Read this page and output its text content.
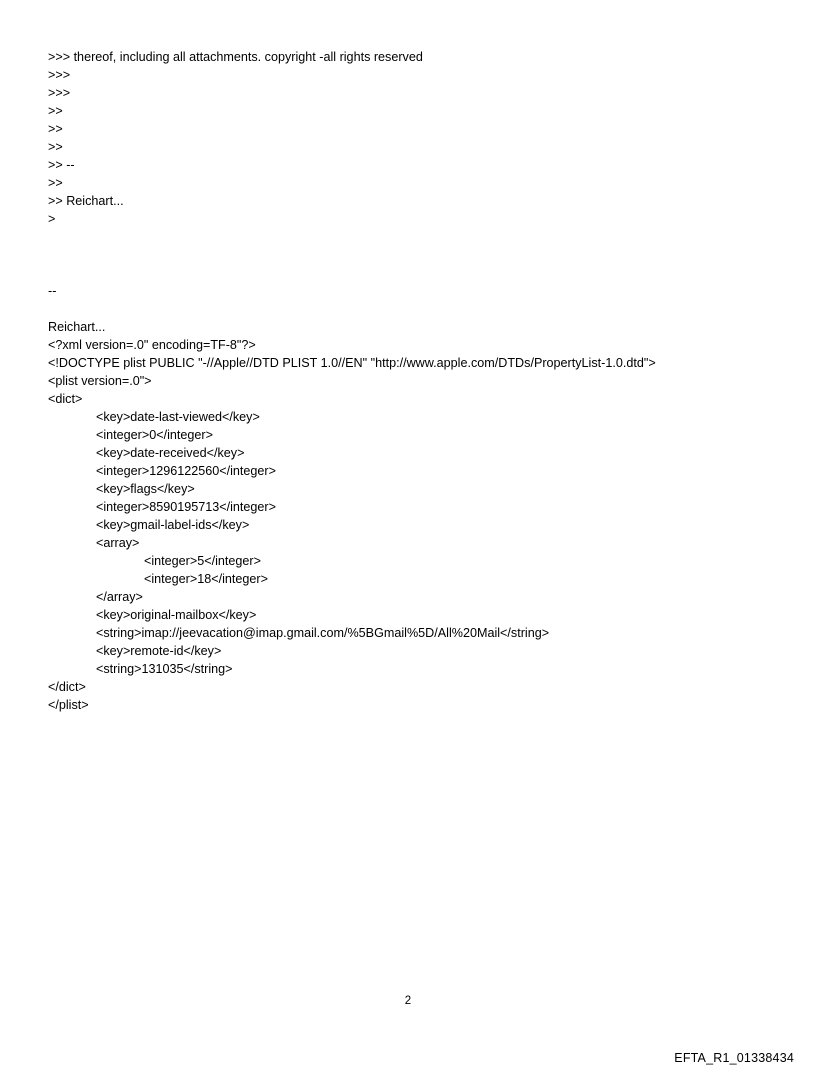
>>> thereof, including all attachments. copyright -all rights reserved
>>>
>>>
>>
>>
>>
>> --
>>
>> Reichart...
>
--
Reichart...
<?xml version=.0" encoding=TF-8"?>
<!DOCTYPE plist PUBLIC "-//Apple//DTD PLIST 1.0//EN" "http://www.apple.com/DTDs/PropertyList-1.0.dtd">
<plist version=.0">
<dict>
<key>date-last-viewed</key>
<integer>0</integer>
<key>date-received</key>
<integer>1296122560</integer>
<key>flags</key>
<integer>8590195713</integer>
<key>gmail-label-ids</key>
<array>
<integer>5</integer>
<integer>18</integer>
</array>
<key>original-mailbox</key>
<string>imap://jeevacation@imap.gmail.com/%5BGmail%5D/All%20Mail</string>
<key>remote-id</key>
<string>131035</string>
</dict>
</plist>
2
EFTA_R1_01338434
